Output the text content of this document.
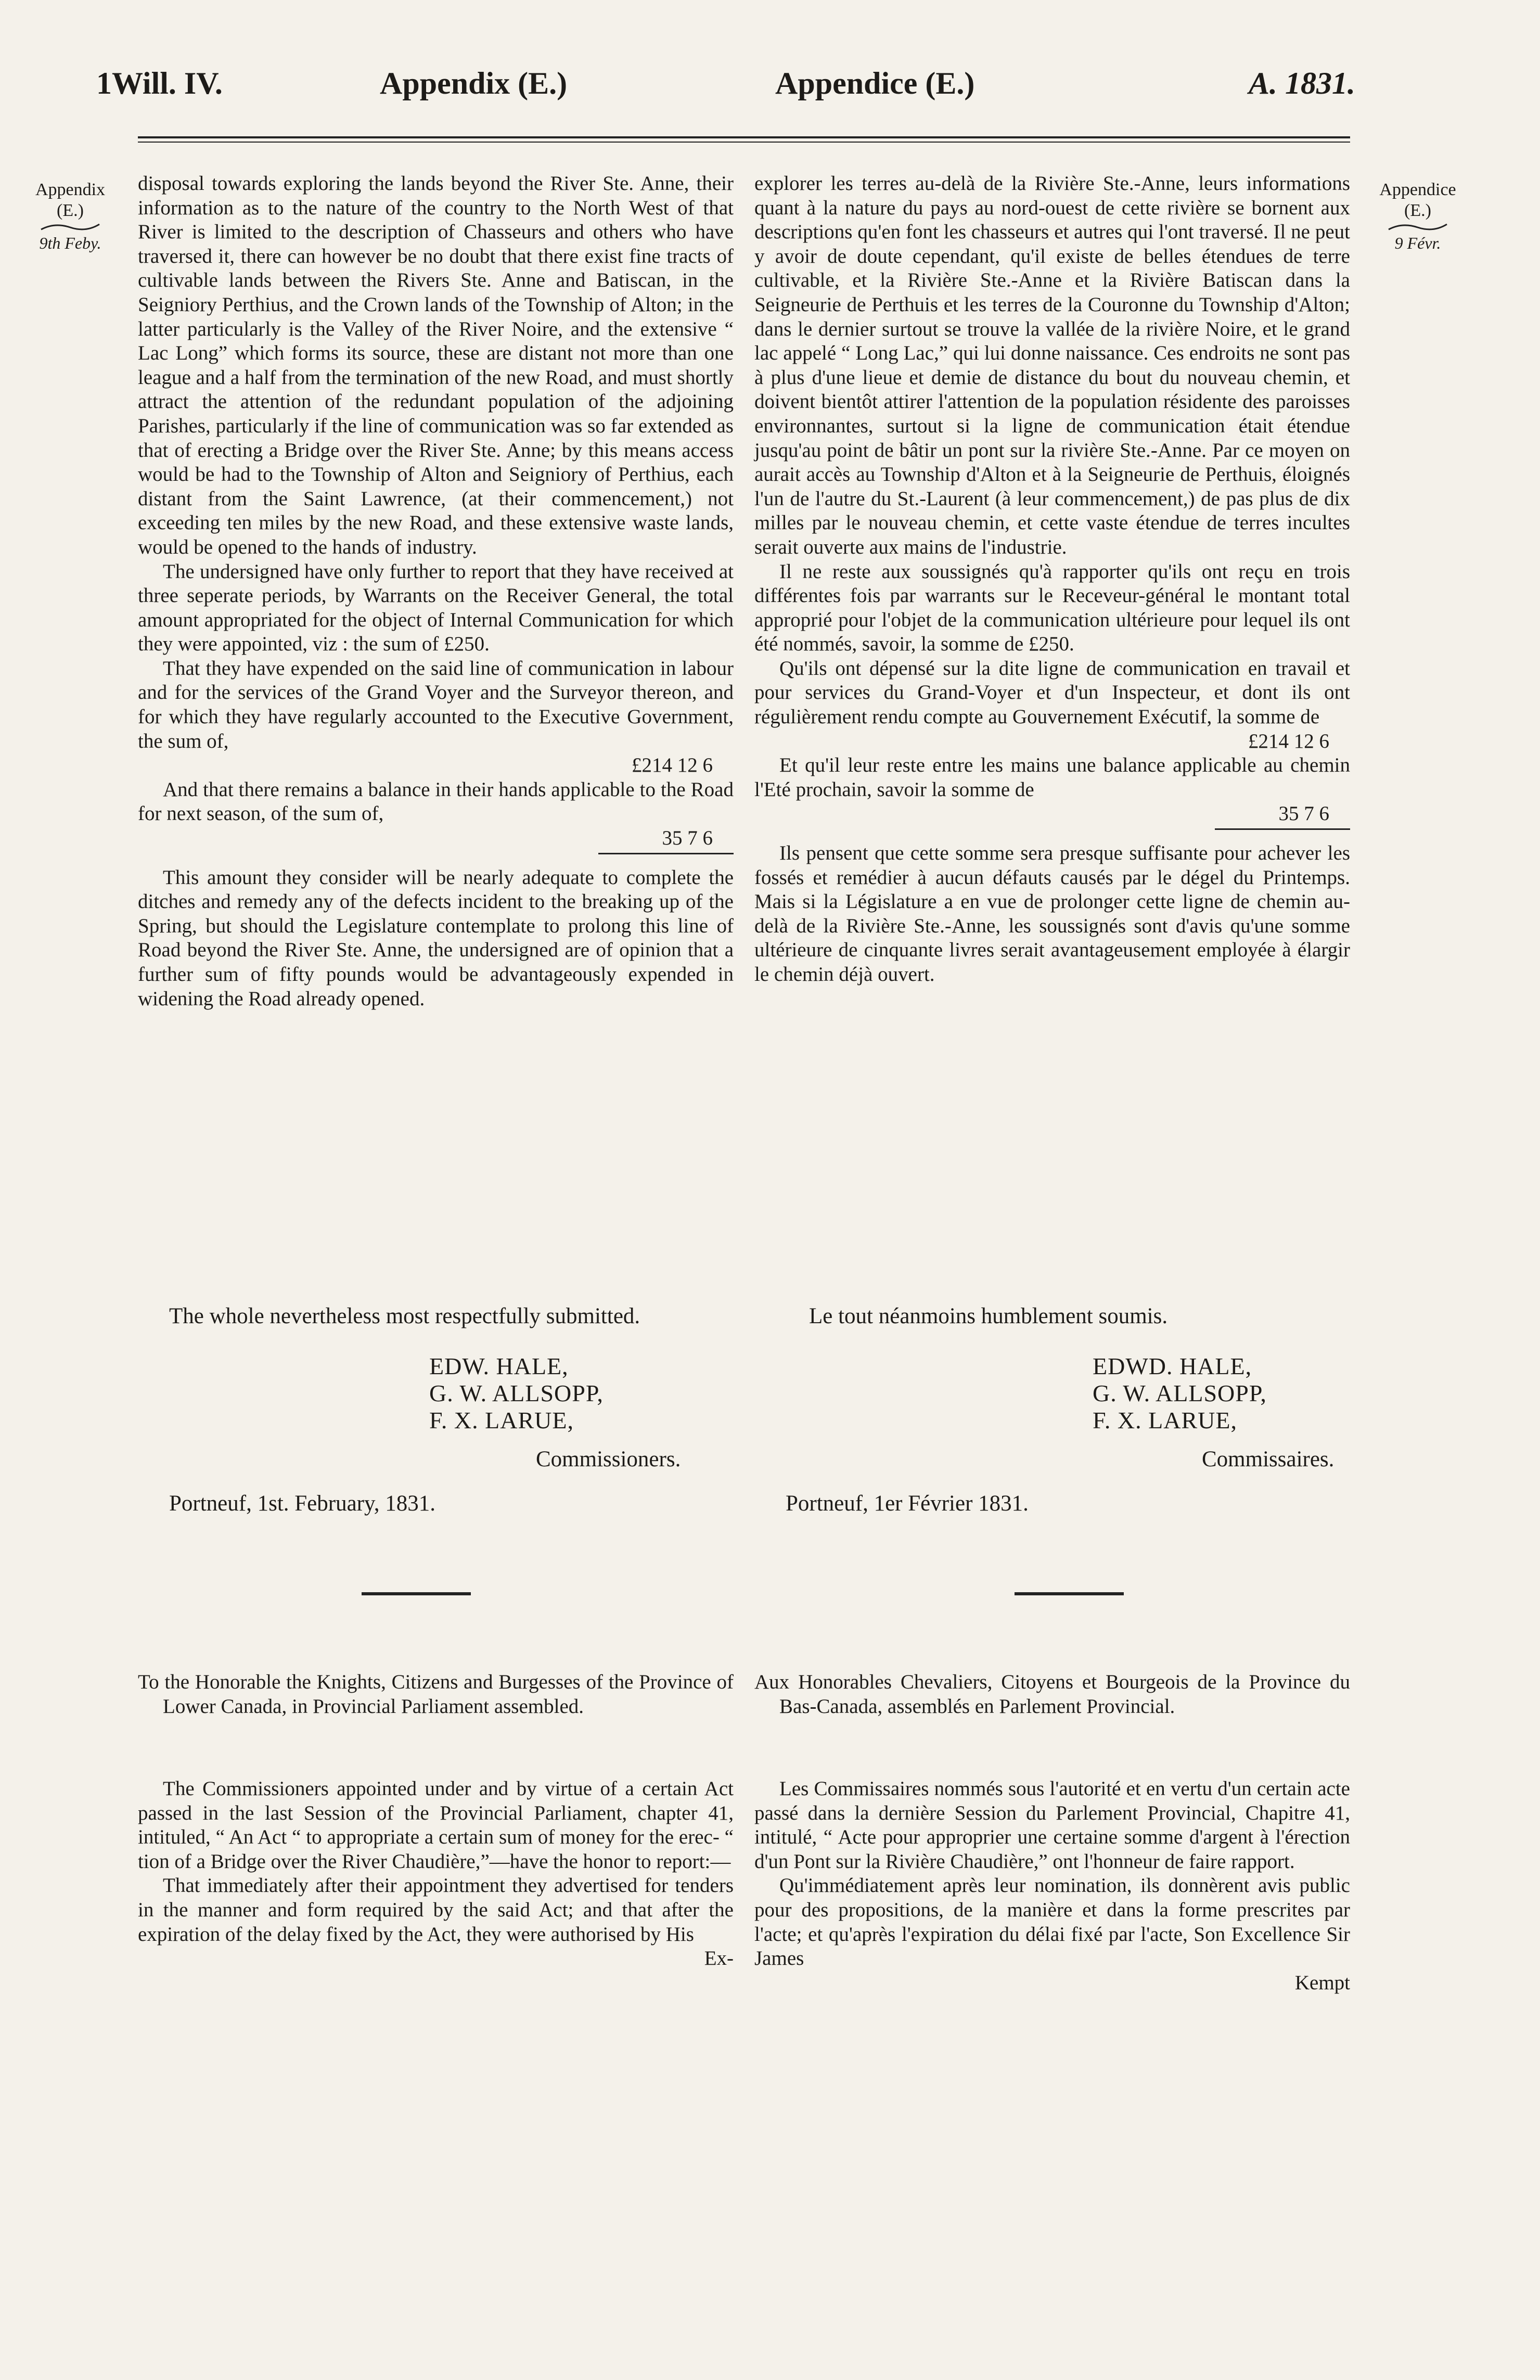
1Will. IV.	Appendix (E.)	Appendice (E.)	A. 1831.
Appendix
(E.)
9th Feby.
Appendice
(E.)
9 Févr.

disposal towards exploring the lands beyond the River Ste. Anne, their information as to the nature of the country to the North West of that River is limited to the description of Chasseurs and others who have traversed it, there can however be no doubt that there exist fine tracts of cultivable lands between the Rivers Ste. Anne and Batiscan, in the Seigniory Perthius, and the Crown lands of the Township of Alton; in the latter particularly is the Valley of the River Noire, and the extensive “ Lac Long” which forms its source, these are distant not more than one league and a half from the termination of the new Road, and must shortly attract the attention of the redundant population of the adjoining Parishes, particularly if the line of communication was so far extended as that of erecting a Bridge over the River Ste. Anne; by this means access would be had to the Township of Alton and Seigniory of Perthius, each distant from the Saint Lawrence, (at their commencement,) not exceeding ten miles by the new Road, and these extensive waste lands, would be opened to the hands of industry.

The undersigned have only further to report that they have received at three seperate periods, by Warrants on the Receiver General, the total amount appropriated for the object of Internal Communication for which they were appointed, viz : the sum of £250.

That they have expended on the said line of communication in labour and for the services of the Grand Voyer and the Surveyor thereon, and for which they have regularly accounted to the Executive Government, the sum of,

£214 12 6

And that there remains a balance in their hands applicable to the Road for next season, of the sum of,

35 7 6

This amount they consider will be nearly adequate to complete the ditches and remedy any of the defects incident to the breaking up of the Spring, but should the Legislature contemplate to prolong this line of Road beyond the River Ste. Anne, the undersigned are of opinion that a further sum of fifty pounds would be advantageously expended in widening the Road already opened.

The whole nevertheless most respectfully submitted.
EDW. HALE,
G. W. ALLSOPP,
F. X. LARUE,
Commissioners.
Portneuf, 1st. February, 1831.

To the Honorable the Knights, Citizens and Burgesses of the Province of Lower Canada, in Provincial Parliament assembled.

The Commissioners appointed under and by virtue of a certain Act passed in the last Session of the Provincial Parliament, chapter 41, intituled, “ An Act “ to appropriate a certain sum of money for the erec- “ tion of a Bridge over the River Chaudière,”—have the honor to report:—

That immediately after their appointment they advertised for tenders in the manner and form required by the said Act; and that after the expiration of the delay fixed by the Act, they were authorised by His

Ex-

explorer les terres au-delà de la Rivière Ste.-Anne, leurs informations quant à la nature du pays au nord-ouest de cette rivière se bornent aux descriptions qu'en font les chasseurs et autres qui l'ont traversé. Il ne peut y avoir de doute cependant, qu'il existe de belles étendues de terre cultivable, et la Rivière Ste.-Anne et la Rivière Batiscan dans la Seigneurie de Perthuis et les terres de la Couronne du Township d'Alton; dans le dernier surtout se trouve la vallée de la rivière Noire, et le grand lac appelé “ Long Lac,” qui lui donne naissance. Ces endroits ne sont pas à plus d'une lieue et demie de distance du bout du nouveau chemin, et doivent bientôt attirer l'attention de la population résidente des paroisses environnantes, surtout si la ligne de communication était étendue jusqu'au point de bâtir un pont sur la rivière Ste.-Anne. Par ce moyen on aurait accès au Township d'Alton et à la Seigneurie de Perthuis, éloignés l'un de l'autre du St.-Laurent (à leur commencement,) de pas plus de dix milles par le nouveau chemin, et cette vaste étendue de terres incultes serait ouverte aux mains de l'industrie.

Il ne reste aux soussignés qu'à rapporter qu'ils ont reçu en trois différentes fois par warrants sur le Receveur-général le montant total approprié pour l'objet de la communication ultérieure pour lequel ils ont été nommés, savoir, la somme de £250.

Qu'ils ont dépensé sur la dite ligne de communication en travail et pour services du Grand-Voyer et d'un Inspecteur, et dont ils ont régulièrement rendu compte au Gouvernement Exécutif, la somme de

£214 12 6

Et qu'il leur reste entre les mains une balance applicable au chemin l'Eté prochain, savoir la somme de

35 7 6

Ils pensent que cette somme sera presque suffisante pour achever les fossés et remédier à aucun défauts causés par le dégel du Printemps. Mais si la Législature a en vue de prolonger cette ligne de chemin au-delà de la Rivière Ste.-Anne, les soussignés sont d'avis qu'une somme ultérieure de cinquante livres serait avantageusement employée à élargir le chemin déjà ouvert.

Le tout néanmoins humblement soumis.
EDWD. HALE,
G. W. ALLSOPP,
F. X. LARUE,
Commissaires.
Portneuf, 1er Février 1831.

Aux Honorables Chevaliers, Citoyens et Bourgeois de la Province du Bas-Canada, assemblés en Parlement Provincial.

Les Commissaires nommés sous l'autorité et en vertu d'un certain acte passé dans la dernière Session du Parlement Provincial, Chapitre 41, intitulé, “ Acte pour approprier une certaine somme d'argent à l'érection d'un Pont sur la Rivière Chaudière,” ont l'honneur de faire rapport.

Qu'immédiatement après leur nomination, ils donnèrent avis public pour des propositions, de la manière et dans la forme prescrites par l'acte; et qu'après l'expiration du délai fixé par l'acte, Son Excellence Sir James

Kempt
